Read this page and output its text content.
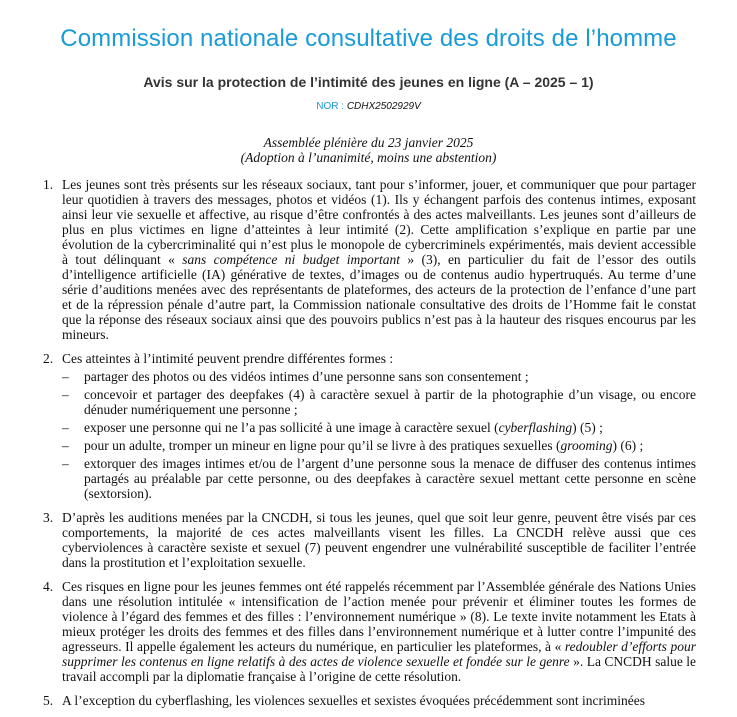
Commission nationale consultative des droits de l’homme
Avis sur la protection de l’intimité des jeunes en ligne (A – 2025 – 1)
NOR : CDHX2502929V
Assemblée plénière du 23 janvier 2025
(Adoption à l’unanimité, moins une abstention)
1. Les jeunes sont très présents sur les réseaux sociaux, tant pour s’informer, jouer, et communiquer que pour partager leur quotidien à travers des messages, photos et vidéos (1). Ils y échangent parfois des contenus intimes, exposant ainsi leur vie sexuelle et affective, au risque d’être confrontés à des actes malveillants. Les jeunes sont d’ailleurs de plus en plus victimes en ligne d’atteintes à leur intimité (2). Cette amplification s’explique en partie par une évolution de la cybercriminalité qui n’est plus le monopole de cybercriminels expérimentés, mais devient accessible à tout délinquant « sans compétence ni budget important » (3), en particulier du fait de l’essor des outils d’intelligence artificielle (IA) générative de textes, d’images ou de contenus audio hypertruqués. Au terme d’une série d’auditions menées avec des représentants de plateformes, des acteurs de la protection de l’enfance d’une part et de la répression pénale d’autre part, la Commission nationale consultative des droits de l’Homme fait le constat que la réponse des réseaux sociaux ainsi que des pouvoirs publics n’est pas à la hauteur des risques encourus par les mineurs.

2. Ces atteintes à l’intimité peuvent prendre différentes formes :

– partager des photos ou des vidéos intimes d’une personne sans son consentement ;

– concevoir et partager des deepfakes (4) à caractère sexuel à partir de la photographie d’un visage, ou encore dénuder numériquement une personne ;

– exposer une personne qui ne l’a pas sollicité à une image à caractère sexuel (cyberflashing) (5) ;

– pour un adulte, tromper un mineur en ligne pour qu’il se livre à des pratiques sexuelles (grooming) (6) ;

– extorquer des images intimes et/ou de l’argent d’une personne sous la menace de diffuser des contenus intimes partagés au préalable par cette personne, ou des deepfakes à caractère sexuel mettant cette personne en scène (sextorsion).

3. D’après les auditions menées par la CNCDH, si tous les jeunes, quel que soit leur genre, peuvent être visés par ces comportements, la majorité de ces actes malveillants visent les filles. La CNCDH relève aussi que ces cyberviolences à caractère sexiste et sexuel (7) peuvent engendrer une vulnérabilité susceptible de faciliter l’entrée dans la prostitution et l’exploitation sexuelle.

4. Ces risques en ligne pour les jeunes femmes ont été rappelés récemment par l’Assemblée générale des Nations Unies dans une résolution intitulée « intensification de l’action menée pour prévenir et éliminer toutes les formes de violence à l’égard des femmes et des filles : l’environnement numérique » (8). Le texte invite notamment les Etats à mieux protéger les droits des femmes et des filles dans l’environnement numérique et à lutter contre l’impunité des agresseurs. Il appelle également les acteurs du numérique, en particulier les plateformes, à « redoubler d’efforts pour supprimer les contenus en ligne relatifs à des actes de violence sexuelle et fondée sur le genre ». La CNCDH salue le travail accompli par la diplomatie française à l’origine de cette résolution.

5. A l’exception du cyberflashing, les violences sexuelles et sexistes évoquées précédemment sont incriminées
